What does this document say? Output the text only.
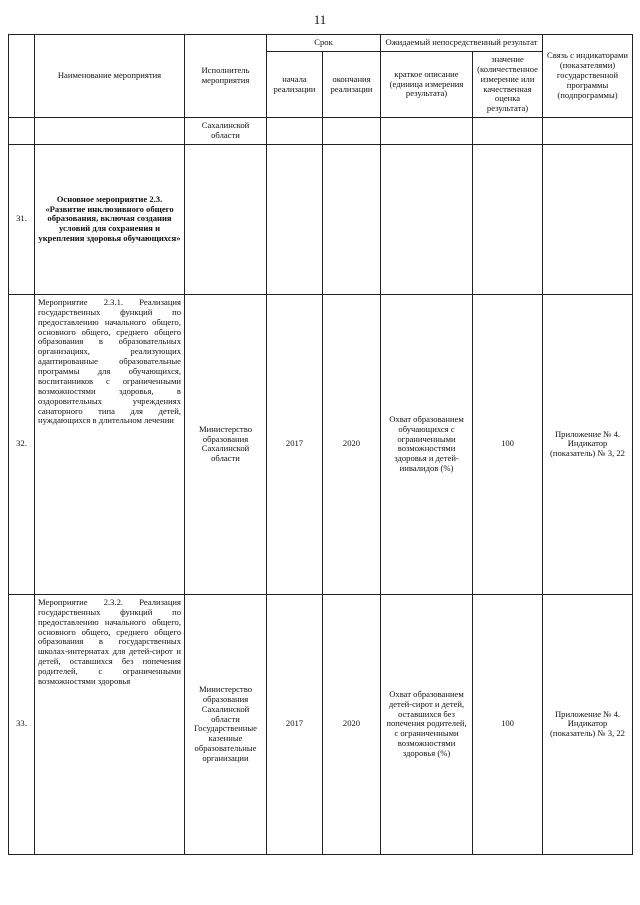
11
	Наименование мероприятия	Исполнитель мероприятия	Срок		Ожидаемый непосредственный результат		Связь с индикаторами (показателями) государственной программы (подпрограммы)
			начала реализации	окончания реализации	краткое описание (единица измерения результата)	значение (количественное измерение или качественная оценка результата)	
		Сахалинской области					
31.	Основное мероприятие 2.3. «Развитие инклюзивного общего образования, включая создания условий для сохранения и укрепления здоровья обучающихся»						
32.	Мероприятие 2.3.1. Реализация государственных функций по предоставлению начального общего, основного общего, среднего общего образования в образовательных организациях, реализующих адаптированные образовательные программы для обучающихся, воспитанников с ограниченными возможностями здоровья, в оздоровительных учреждениях санаторного типа для детей, нуждающихся в длительном лечении	Министерство образования Сахалинской области	2017	2020	Охват образованием обучающихся с ограниченными возможностями здоровья и детей-инвалидов (%)	100	Приложение № 4. Индикатор (показатель) № 3, 22
33.	Мероприятие 2.3.2. Реализация государственных функций по предоставлению начального общего, основного общего, среднего общего образования в государственных школах-интернатах для детей-сирот и детей, оставшихся без попечения родителей, с ограниченными возможностями здоровья	Министерство образования Сахалинской области Государственные казенные образовательные организации	2017	2020	Охват образованием детей-сирот и детей, оставшихся без попечения родителей, с ограниченными возможностями здоровья (%)	100	Приложение № 4. Индикатор (показатель) № 3, 22
